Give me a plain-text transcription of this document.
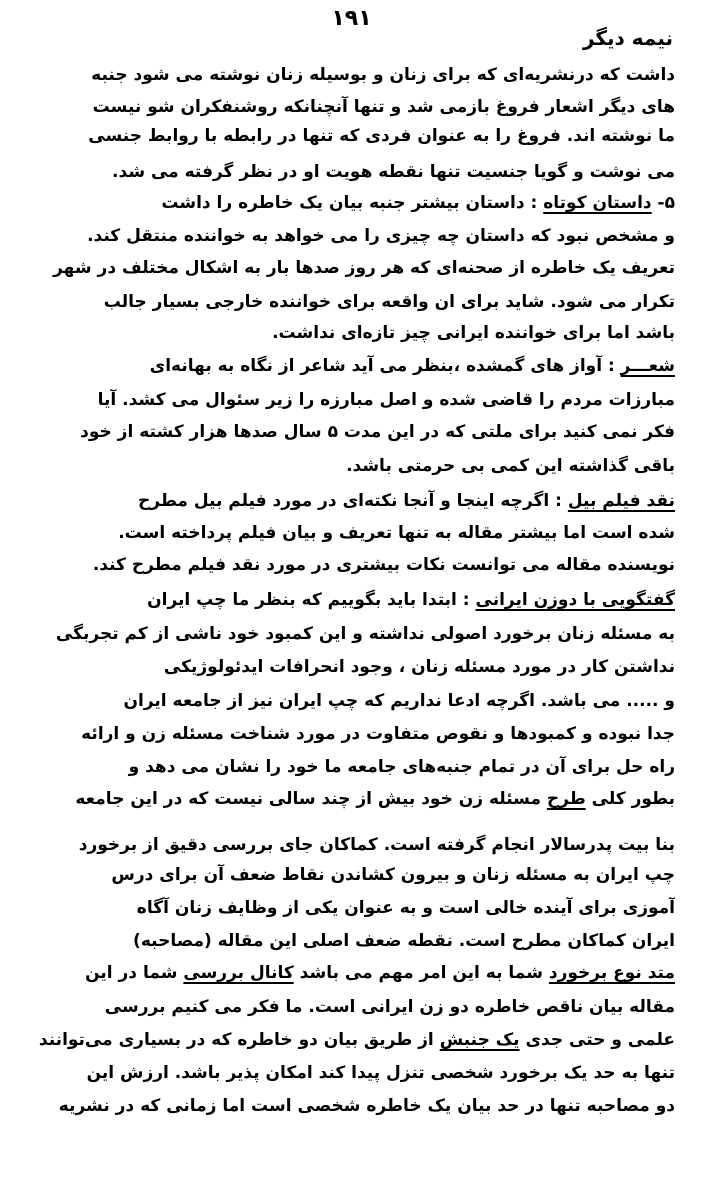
۱۹۱
نیمه دیگر
داشت که درنشریه‌ای که برای زنان و بوسیله زنان نوشته می شود جنبه
های دیگر اشعار فروغ بازمی شد و تنها آنچنانکه روشنفکران شو نیست
ما نوشته اند. فروغ را به عنوان فردی که تنها در رابطه با روابط جنسی
می نوشت و گویا جنسیت تنها نقطه هویت او در نظر گرفته می شد.
۵- داستان کوتاه : داستان بیشتر جنبه بیان یک خاطره را داشت
و مشخص نبود که داستان چه چیزی را می خواهد به خواننده منتقل کند.
تعریف یک خاطره از صحنه‌ای که هر روز صدها بار به اشکال مختلف در شهر
تکرار می شود. شاید برای ان واقعه برای خواننده خارجی بسیار جالب
باشد اما برای خواننده ایرانی چیز تازه‌ای نداشت.
شعـــر : آواز های گمشده ،بنظر می آید شاعر از نگاه به بهانه‌ای
مبارزات مردم را قاضی شده و اصل مبارزه را زیر سئوال می کشد. آیا
فکر نمی کنید برای ملتی که در این مدت ۵ سال صدها هزار کشته از خود
باقی گذاشته این کمی بی حرمتی باشد.
نقد فیلم بیل : اگرچه اینجا و آنجا نکته‌ای در مورد فیلم بیل مطرح
شده است اما بیشتر مقاله به تنها تعریف و بیان فیلم پرداخته است.
نویسنده مقاله می توانست نکات بیشتری در مورد نقد فیلم مطرح کند.
گفتگویی با دوزن ایرانی : ابتدا باید بگوییم که بنظر ما چپ ایران
به مسئله زنان برخورد اصولی نداشته و این کمبود خود ناشی از کم تجربگی
نداشتن کار در مورد مسئله زنان ، وجود انحرافات ایدئولوژیکی
و ..... می باشد. اگرچه ادعا نداریم که چپ ایران نیز از جامعه ایران
جدا نبوده و کمبودها و نقوص متفاوت در مورد شناخت مسئله زن و ارائه
راه حل برای آن در تمام جنبه‌های جامعه ما خود را نشان می دهد و
بطور کلی طرح مسئله زن خود بیش از چند سالی نیست که در این جامعه
بنا بیت پدرسالار انجام گرفته است. کماکان جای بررسی دقیق از برخورد
چپ ایران به مسئله زنان و بیرون کشاندن نقاط ضعف آن برای درس
آموزی برای آینده خالی است و به عنوان یکی از وظایف زنان آگاه
ایران کماکان مطرح است. نقطه ضعف اصلی این مقاله (مصاحبه)
متد نوع برخورد شما به این امر مهم می باشد کانال بررسی شما در این
مقاله بیان ناقص خاطره دو زن ایرانی است. ما فکر می کنیم بررسی
علمی و حتی جدی یک جنبش از طریق بیان دو خاطره که در بسیاری می‌توانند
تنها به حد یک برخورد شخصی تنزل پیدا کند امکان پذیر باشد. ارزش این
دو مصاحبه تنها در حد بیان یک خاطره شخصی است اما زمانی که در نشریه
